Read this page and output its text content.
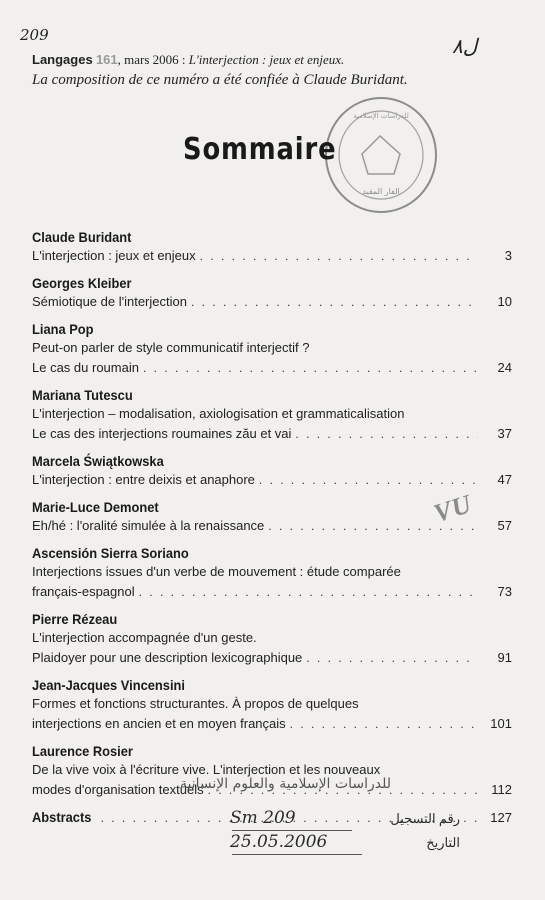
209	ل٨
Langages 161, mars 2006 : L'interjection : jeux et enjeux.
La composition de ce numéro a été confiée à Claude Buridant.
الفار المقيد
للدراسات الإسلامية
Sommaire
Claude Buridant
L'interjection : jeux et enjeux . . .	3
Georges Kleiber
Sémiotique de l'interjection . . .	10
Liana Pop
Peut-on parler de style communicatif interjectif ?
Le cas du roumain . . .	24
Mariana Tutescu
L'interjection – modalisation, axiologisation et grammaticalisation
Le cas des interjections roumaines zău et vai . . .	37
Marcela Świątkowska
L'interjection : entre deixis et anaphore . . .	47
Marie-Luce Demonet
Eh/hé : l'oralité simulée à la renaissance . . .	57
Ascensión Sierra Soriano
Interjections issues d'un verbe de mouvement : étude comparée
français-espagnol . . .	73
Pierre Rézeau
L'interjection accompagnée d'un geste.
Plaidoyer pour une description lexicographique . . .	91
Jean-Jacques Vincensini
Formes et fonctions structurantes. À propos de quelques
interjections en ancien et en moyen français . . .	101
Laurence Rosier
De la vive voix à l'écriture vive. L'interjection et les nouveaux
modes d'organisation textuels . . .	112
Abstracts . . .	127
VU
للدراسات الإسلامية والعلوم الإنسانية
Sm 209	رقم التسجيل
25.05.2006	التاريخ
